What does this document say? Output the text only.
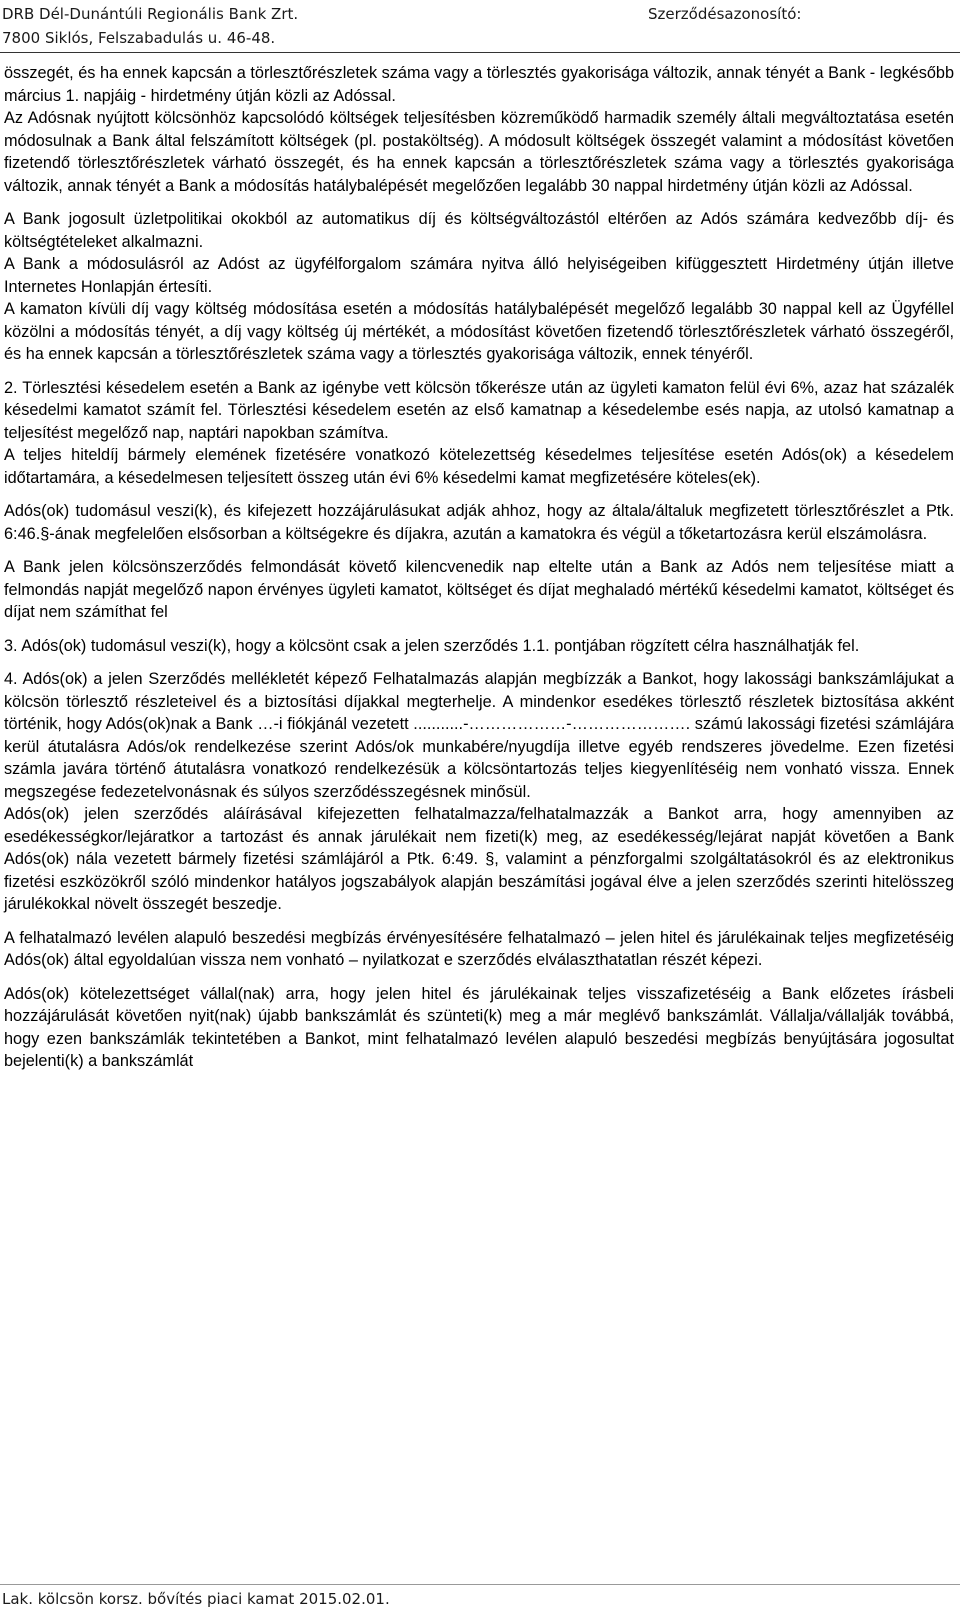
DRB Dél-Dunántúli Regionális Bank Zrt.
7800 Siklós, Felszabadulás u. 46-48.
Szerződésazonosító:

összegét, és ha ennek kapcsán a törlesztőrészletek száma vagy a törlesztés gyakorisága változik, annak tényét a Bank - legkésőbb március 1. napjáig - hirdetmény útján közli az Adóssal.

Az Adósnak nyújtott kölcsönhöz kapcsolódó költségek teljesítésben közreműködő harmadik személy általi megváltoztatása esetén módosulnak a Bank által felszámított költségek (pl. postaköltség). A módosult költségek összegét valamint a módosítást követően fizetendő törlesztőrészletek várható összegét, és ha ennek kapcsán a törlesztőrészletek száma vagy a törlesztés gyakorisága változik, annak tényét a Bank a módosítás hatálybalépését megelőzően legalább 30 nappal hirdetmény útján közli az Adóssal.

A Bank jogosult üzletpolitikai okokból az automatikus díj és költségváltozástól eltérően az Adós számára kedvezőbb díj- és költségtételeket alkalmazni.

A Bank a módosulásról az Adóst az ügyfélforgalom számára nyitva álló helyiségeiben kifüggesztett Hirdetmény útján illetve Internetes Honlapján értesíti.

A kamaton kívüli díj vagy költség módosítása esetén a módosítás hatálybalépését megelőző legalább 30 nappal kell az Ügyféllel közölni a módosítás tényét, a díj vagy költség új mértékét, a módosítást követően fizetendő törlesztőrészletek várható összegéről, és ha ennek kapcsán a törlesztőrészletek száma vagy a törlesztés gyakorisága változik, ennek tényéről.

2. Törlesztési késedelem esetén a Bank az igénybe vett kölcsön tőkerésze után az ügyleti kamaton felül évi 6%, azaz hat százalék késedelmi kamatot számít fel. Törlesztési késedelem esetén az első kamatnap a késedelembe esés napja, az utolsó kamatnap a teljesítést megelőző nap, naptári napokban számítva.

A teljes hiteldíj bármely elemének fizetésére vonatkozó kötelezettség késedelmes teljesítése esetén Adós(ok) a késedelem időtartamára, a késedelmesen teljesített összeg után évi 6% késedelmi kamat megfizetésére köteles(ek).

Adós(ok) tudomásul veszi(k), és kifejezett hozzájárulásukat adják ahhoz, hogy az általa/általuk megfizetett törlesztőrészlet a Ptk. 6:46.§-ának megfelelően elsősorban a költségekre és díjakra, azután a kamatokra és végül a tőketartozásra kerül elszámolásra.

A Bank jelen kölcsönszerződés felmondását követő kilencvenedik nap eltelte után a Bank az Adós nem teljesítése miatt a felmondás napját megelőző napon érvényes ügyleti kamatot, költséget és díjat meghaladó mértékű késedelmi kamatot, költséget és díjat nem számíthat fel

3. Adós(ok) tudomásul veszi(k), hogy a kölcsönt csak a jelen szerződés 1.1. pontjában rögzített célra használhatják fel.

4. Adós(ok) a jelen Szerződés mellékletét képező Felhatalmazás alapján megbízzák a Bankot, hogy lakossági bankszámlájukat a kölcsön törlesztő részleteivel és a biztosítási díjakkal megterhelje. A mindenkor esedékes törlesztő részletek biztosítása akként történik, hogy Adós(ok)nak a Bank …-i fiókjánál vezetett ...........-………………-…………………. számú lakossági fizetési számlájára kerül átutalásra Adós/ok rendelkezése szerint Adós/ok munkabére/nyugdíja illetve egyéb rendszeres jövedelme. Ezen fizetési számla javára történő átutalásra vonatkozó rendelkezésük a kölcsöntartozás teljes kiegyenlítéséig nem vonható vissza. Ennek megszegése fedezetelvonásnak és súlyos szerződésszegésnek minősül.

Adós(ok) jelen szerződés aláírásával kifejezetten felhatalmazza/felhatalmazzák a Bankot arra, hogy amennyiben az esedékességkor/lejáratkor a tartozást és annak járulékait nem fizeti(k) meg, az esedékesség/lejárat napját követően a Bank Adós(ok) nála vezetett bármely fizetési számlájáról a Ptk. 6:49. §, valamint a pénzforgalmi szolgáltatásokról és az elektronikus fizetési eszközökről szóló mindenkor hatályos jogszabályok alapján beszámítási jogával élve a jelen szerződés szerinti hitelösszeg járulékokkal növelt összegét beszedje.

A felhatalmazó levélen alapuló beszedési megbízás érvényesítésére felhatalmazó – jelen hitel és járulékainak teljes megfizetéséig Adós(ok) által egyoldalúan vissza nem vonható – nyilatkozat e szerződés elválaszthatatlan részét képezi.

Adós(ok) kötelezettséget vállal(nak) arra, hogy jelen hitel és járulékainak teljes visszafizetéséig a Bank előzetes írásbeli hozzájárulását követően nyit(nak) újabb bankszámlát és szünteti(k) meg a már meglévő bankszámlát. Vállalja/vállalják továbbá, hogy ezen bankszámlák tekintetében a Bankot, mint felhatalmazó levélen alapuló beszedési megbízás benyújtására jogosultat bejelenti(k) a bankszámlát

Lak. kölcsön korsz. bővítés piaci kamat 2015.02.01.
